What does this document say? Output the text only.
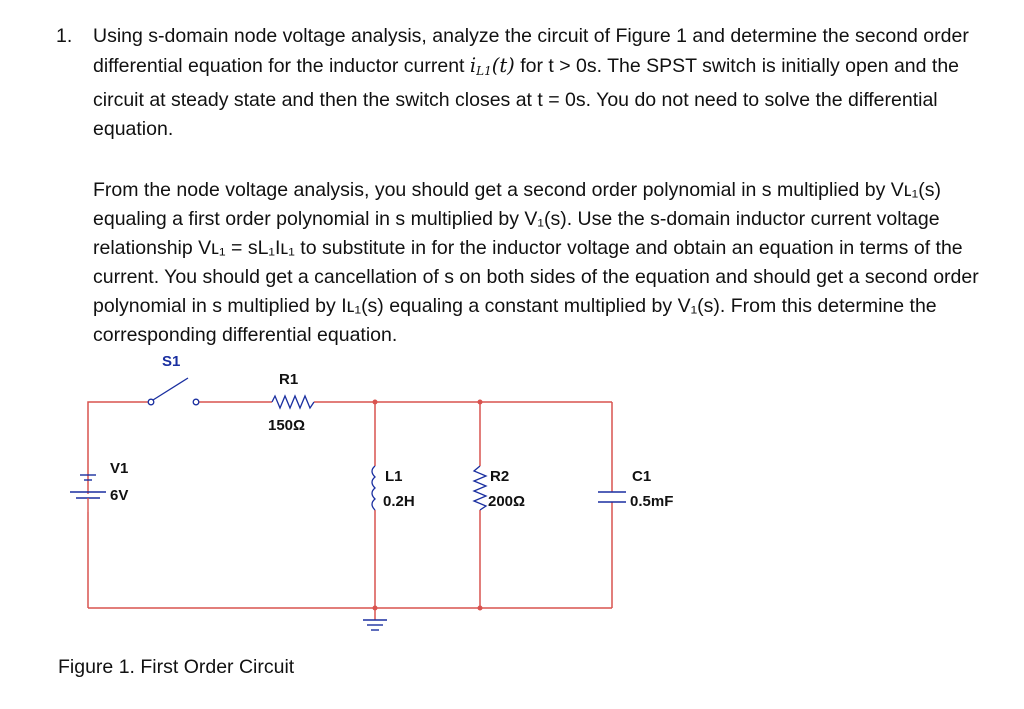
1. Using s-domain node voltage analysis, analyze the circuit of Figure 1 and determine the second order differential equation for the inductor current $i_{L1}(t)$ for t > 0s. The SPST switch is initially open and the circuit at steady state and then the switch closes at t = 0s. You do not need to solve the differential equation.
From the node voltage analysis, you should get a second order polynomial in s multiplied by Vʟ₁(s) equaling a first order polynomial in s multiplied by V₁(s). Use the s-domain inductor current voltage relationship Vʟ₁ = sL₁Iʟ₁ to substitute in for the inductor voltage and obtain an equation in terms of the current. You should get a cancellation of s on both sides of the equation and should get a second order polynomial in s multiplied by Iʟ₁(s) equaling a constant multiplied by V₁(s). From this determine the corresponding differential equation.
S1
R1
150Ω
V1
6V
L1
0.2H
R2
200Ω
C1
0.5mF
Figure 1. First Order Circuit
